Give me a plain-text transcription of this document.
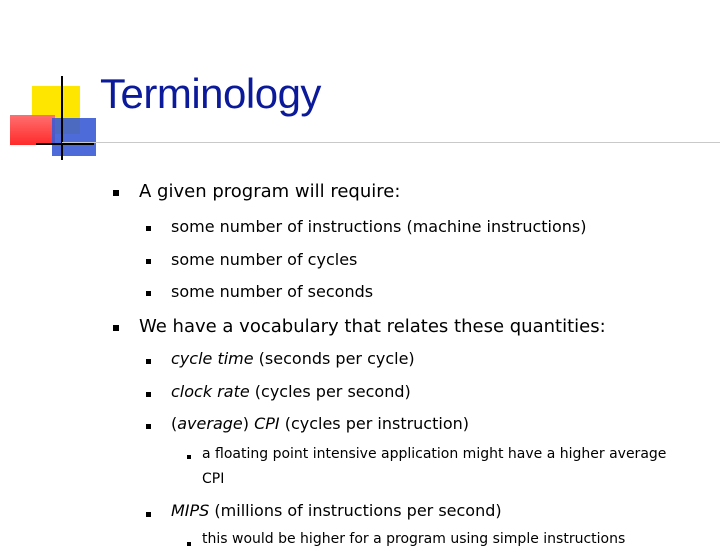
Terminology
A given program will require:
some number of instructions (machine instructions)
some number of cycles
some number of seconds
We have a vocabulary that relates these quantities:
cycle time (seconds per cycle)
clock rate (cycles per second)
(average) CPI (cycles per instruction)
a floating point intensive application might have a higher average
CPI
MIPS (millions of instructions per second)
this would be higher for a program using simple instructions
